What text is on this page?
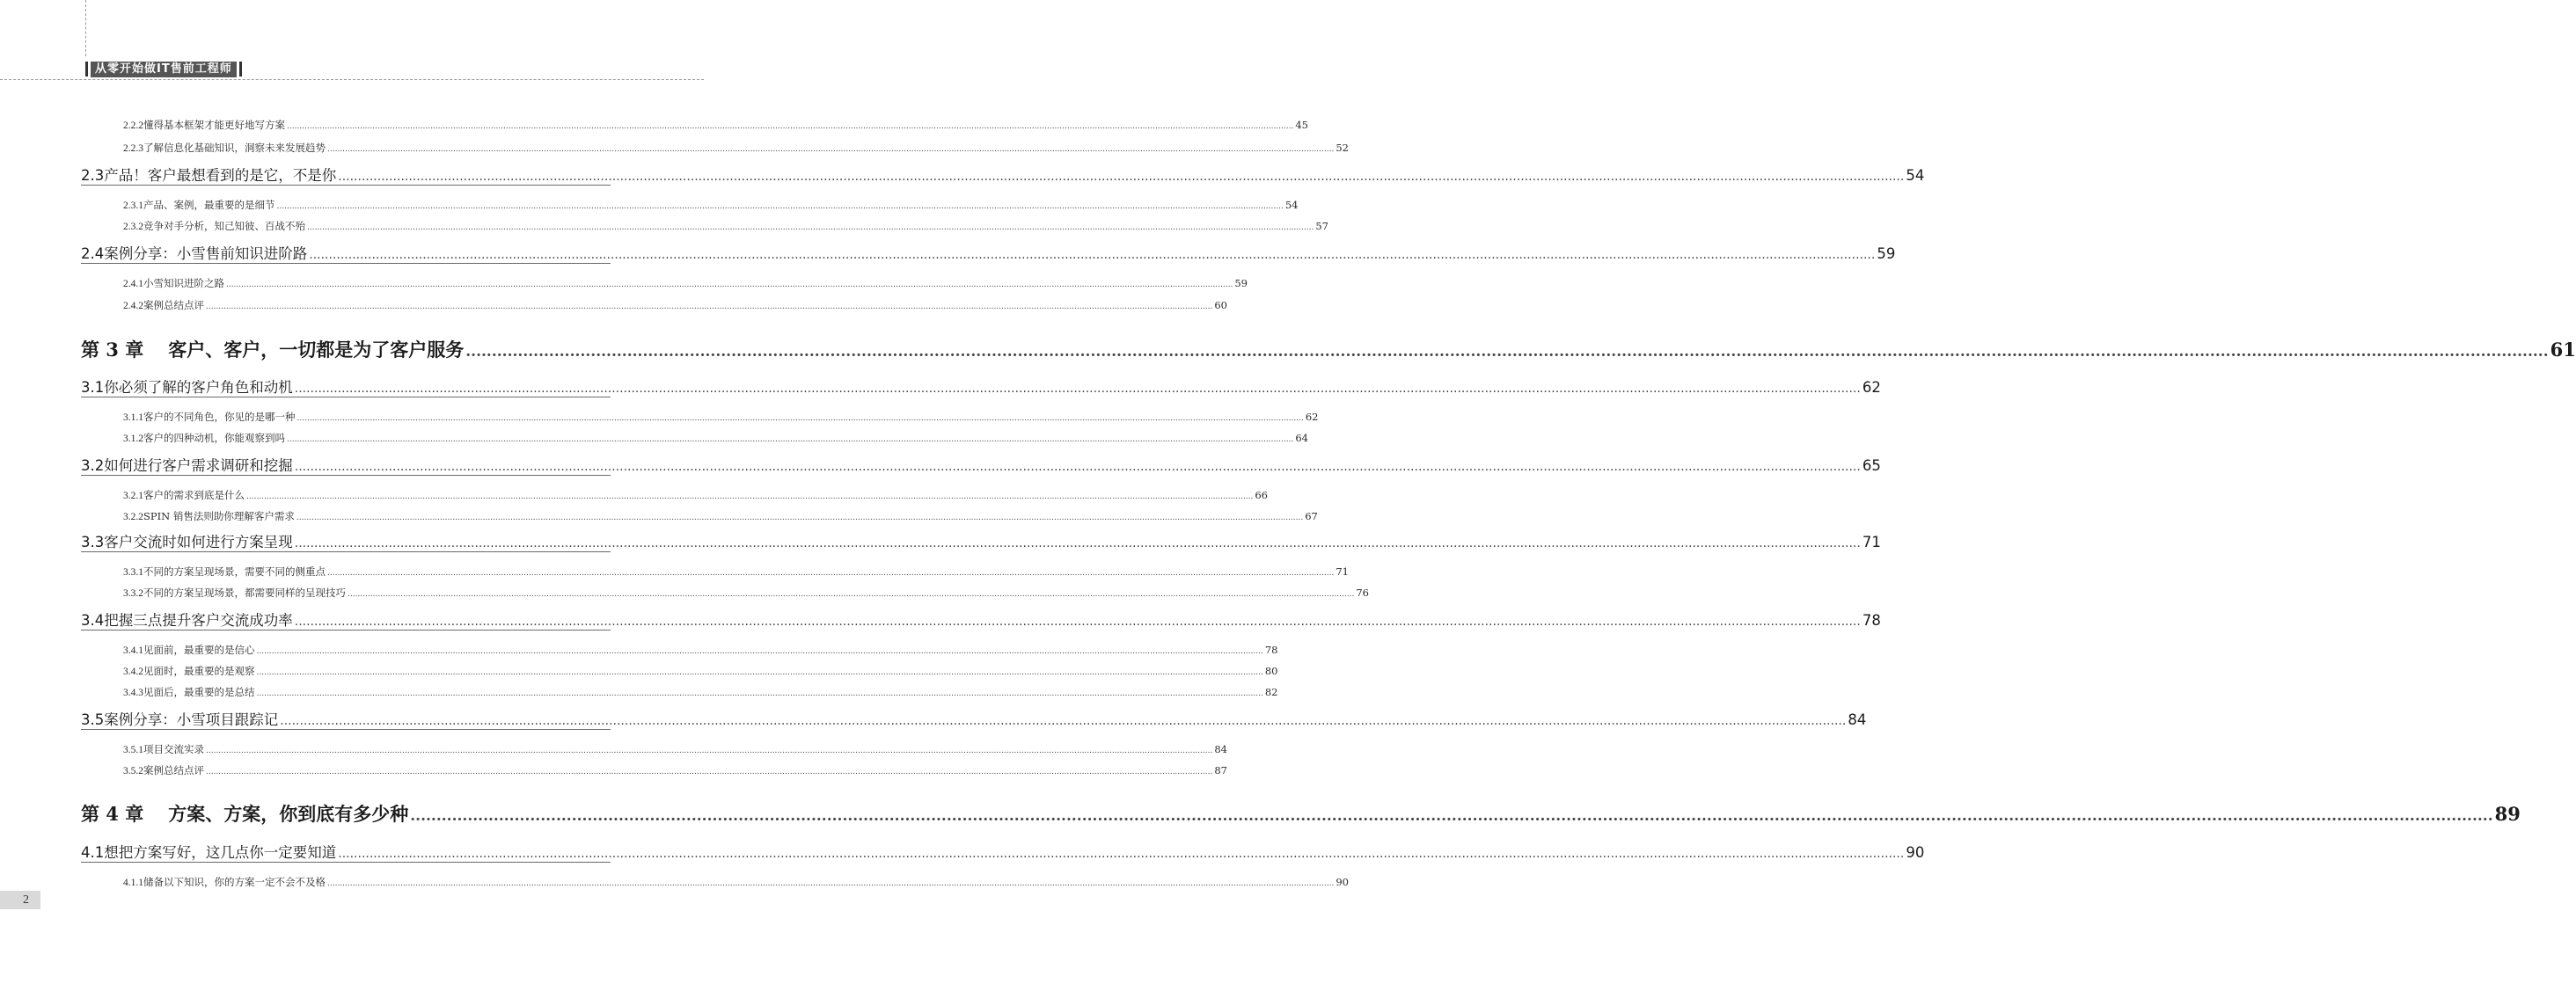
从零开始做IT售前工程师
2.2.2 懂得基本框架才能更好地写方案 ................................................................................................................................................................................................................................................................................................................................................................................................................ 45
2.2.3 了解信息化基础知识，洞察未来发展趋势 ................................................................................................................................................................................................................................................................................................................................................................................................................ 52
2.3 产品！客户最想看到的是它，不是你 ................................................................................................................................................................................................................................................................................................................................................................................................................ 54
2.3.1 产品、案例，最重要的是细节 ................................................................................................................................................................................................................................................................................................................................................................................................................ 54
2.3.2 竞争对手分析，知己知彼、百战不殆 ................................................................................................................................................................................................................................................................................................................................................................................................................ 57
2.4 案例分享：小雪售前知识进阶路 ................................................................................................................................................................................................................................................................................................................................................................................................................ 59
2.4.1 小雪知识进阶之路 ................................................................................................................................................................................................................................................................................................................................................................................................................ 59
2.4.2 案例总结点评 ................................................................................................................................................................................................................................................................................................................................................................................................................ 60
第 3 章 客户、客户，一切都是为了客户服务 ................................................................................................................................................................................................................................................................................................................................................................................................................ 61
3.1 你必须了解的客户角色和动机 ................................................................................................................................................................................................................................................................................................................................................................................................................ 62
3.1.1 客户的不同角色，你见的是哪一种 ................................................................................................................................................................................................................................................................................................................................................................................................................ 62
3.1.2 客户的四种动机，你能观察到吗 ................................................................................................................................................................................................................................................................................................................................................................................................................ 64
3.2 如何进行客户需求调研和挖掘 ................................................................................................................................................................................................................................................................................................................................................................................................................ 65
3.2.1 客户的需求到底是什么 ................................................................................................................................................................................................................................................................................................................................................................................................................ 66
3.2.2 SPIN 销售法则助你理解客户需求 ................................................................................................................................................................................................................................................................................................................................................................................................................ 67
3.3 客户交流时如何进行方案呈现 ................................................................................................................................................................................................................................................................................................................................................................................................................ 71
3.3.1 不同的方案呈现场景，需要不同的侧重点 ................................................................................................................................................................................................................................................................................................................................................................................................................ 71
3.3.2 不同的方案呈现场景，都需要同样的呈现技巧 ................................................................................................................................................................................................................................................................................................................................................................................................................ 76
3.4 把握三点提升客户交流成功率 ................................................................................................................................................................................................................................................................................................................................................................................................................ 78
3.4.1 见面前，最重要的是信心 ................................................................................................................................................................................................................................................................................................................................................................................................................ 78
3.4.2 见面时，最重要的是观察 ................................................................................................................................................................................................................................................................................................................................................................................................................ 80
3.4.3 见面后，最重要的是总结 ................................................................................................................................................................................................................................................................................................................................................................................................................ 82
3.5 案例分享：小雪项目跟踪记 ................................................................................................................................................................................................................................................................................................................................................................................................................ 84
3.5.1 项目交流实录 ................................................................................................................................................................................................................................................................................................................................................................................................................ 84
3.5.2 案例总结点评 ................................................................................................................................................................................................................................................................................................................................................................................................................ 87
第 4 章 方案、方案，你到底有多少种 ................................................................................................................................................................................................................................................................................................................................................................................................................ 89
4.1 想把方案写好，这几点你一定要知道 ................................................................................................................................................................................................................................................................................................................................................................................................................ 90
4.1.1 储备以下知识，你的方案一定不会不及格 ................................................................................................................................................................................................................................................................................................................................................................................................................ 90
2
